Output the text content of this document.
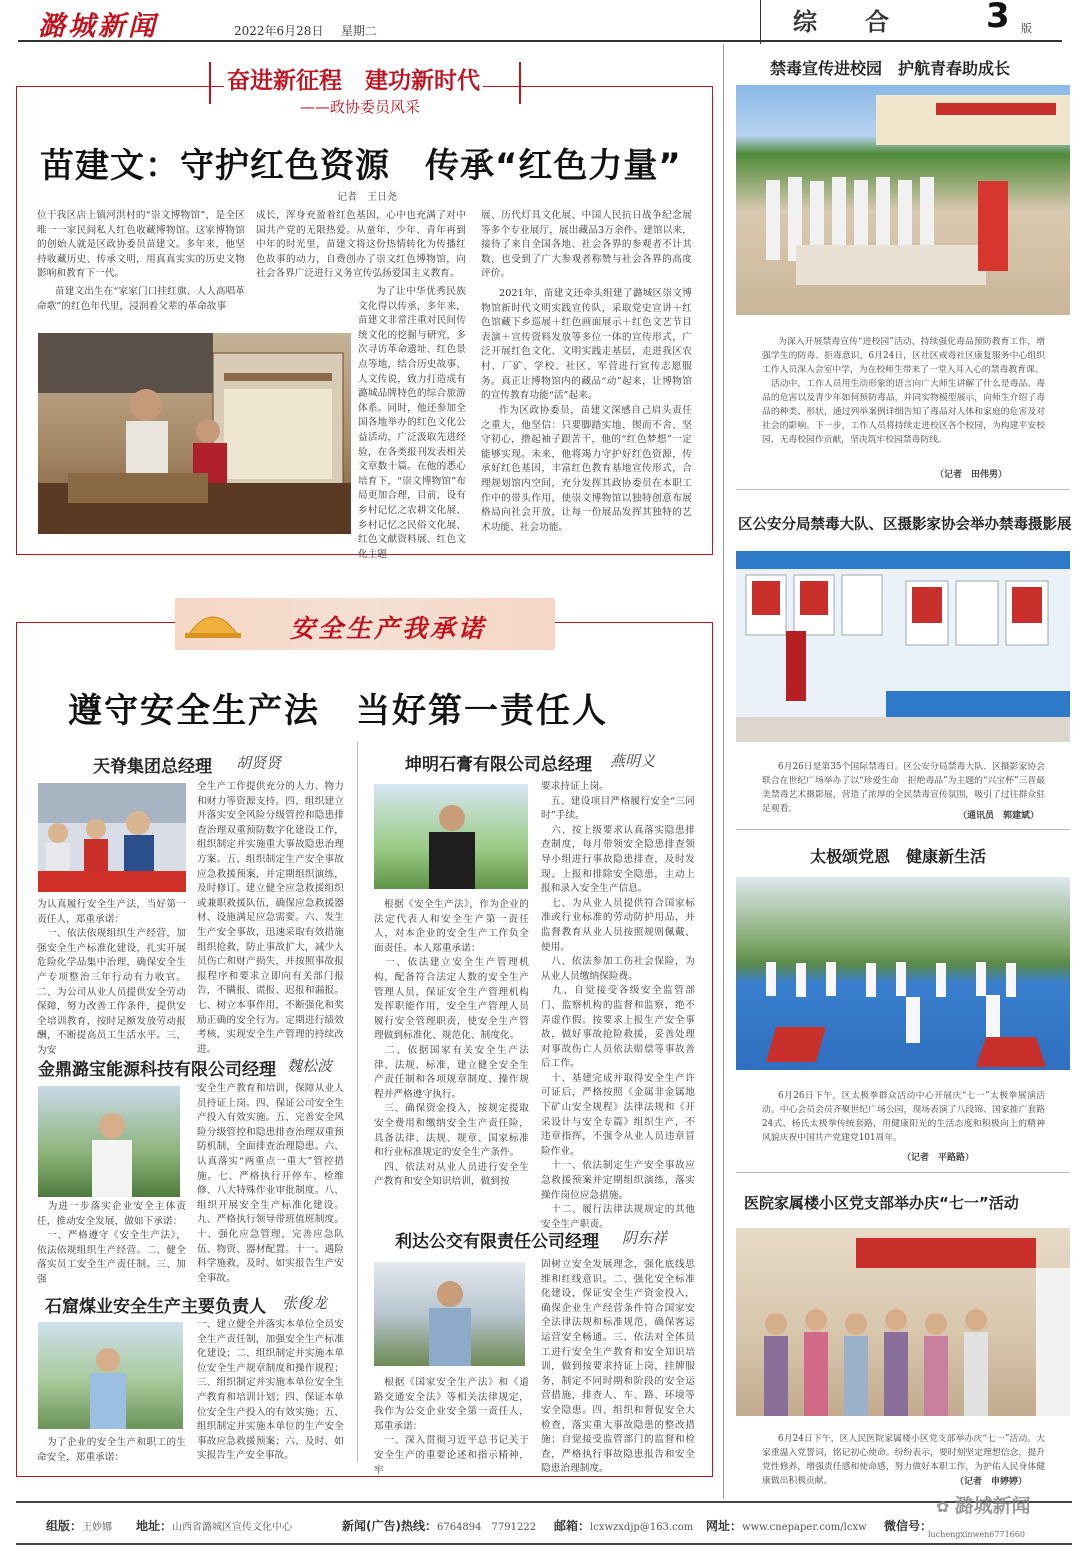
潞城新闻	2022年6月28日 星期二	综　　合	3 版
奋进新征程　建功新时代
——政协委员风采
苗建文：守护红色资源　传承“红色力量”
记者　王日尧
位于我区店上镇河洪村的“崇文博物馆”，是全区唯一一家民间私人红色收藏博物馆。这家博物馆的创始人就是区政协委员苗建文。多年来，他坚持收藏历史、传承文明，用真真实实的历史文物影响和教育下一代。
苗建文出生在“家家门口挂红旗、人人高唱革命歌”的红色年代里，浸润着父辈的革命故事
成长，浑身充盈着红色基因，心中也充满了对中国共产党的无限热爱。从童年、少年、青年再到中年的时光里，苗建文将这份热情转化为传播红色故事的动力，自费创办了崇文红色博物馆，向社会各界广泛进行义务宣传弘扬爱国主义教育。
为了让中华优秀民族文化得以传承，多年来，苗建文非常注重对民间传统文化的挖掘与研究，多次寻访革命遗址、红色景点等地，结合历史故事、人文传说，致力打造成有潞城品牌特色的综合旅游体系。同时，他还参加全国各地举办的红色文化公益活动，广泛汲取先进经验，在各类报刊发表相关文章数十篇。在他的悉心培育下，“崇文博物馆”布局更加合理，目前，设有乡村记忆之农耕文化展、乡村记忆之民俗文化展、红色文献资料展、红色文化主题
展、历代灯具文化展、中国人民抗日战争纪念展等多个专业展厅，展出藏品3万余件。建馆以来，接待了来自全国各地、社会各界的参观者不计其数，也受到了广大参观者称赞与社会各界的高度评价。
2021年，苗建文还牵头组建了潞城区崇文博物馆新时代文明实践宣传队，采取党史宣讲＋红色馆藏下乡巡展＋红色画面展示＋红色文艺节目表演＋宣传资料发放等多位一体的宣传形式，广泛开展红色文化、文明实践走基层，走进我区农村、厂矿、学校、社区、军营进行宣传志愿服务。真正让博物馆内的藏品“动”起来，让博物馆的宣传教育功能“活”起来。
作为区政协委员，苗建文深感自己肩头责任之重大，他坚信：只要脚踏实地、锲而不舍、坚守初心，撸起袖子跟苦干，他的“红色梦想”一定能够实现。未来，他将竭力守护好红色资源，传承好红色基因，丰富红色教育基地宣传形式，合理规划馆内空间，充分发挥其政协委员在本职工作中的带头作用，使崇文博物馆以独特创意布展格局向社会开放，让每一份展品发挥其独特的艺术功能、社会功能。
安全生产我承诺
遵守安全生产法　当好第一责任人
天脊集团总经理 胡贤贤
为认真履行安全生产法，当好第一责任人，郑重承诺：
　一、依法依规组织生产经营，加强安全生产标准化建设，扎实开展危险化学品集中治理，确保安全生产专项整治三年行动有力收官。二、为公司从业人员提供安全劳动保障，努力改善工作条件，提供安全培训教育，按时足额发放劳动报酬，不断提高员工生活水平。三、为安
全生产工作提供充分的人力、物力和财力等资源支持。四、组织建立并落实安全风险分级管控和隐患排查治理双重预防数字化建设工作，组织制定并实施重大事故隐患治理方案。五、组织制定生产安全事故应急救援预案，并定期组织演练，及时修订。建立健全应急救援组织或兼职救援队伍，确保应急救援器材、设施满足应急需要。六、发生生产安全事故，迅速采取有效措施组织抢救，防止事故扩大，减少人员伤亡和财产损失，并按照事故报报程序和要求立即向有关部门报告，不瞒报、谎报、迟报和漏报。七、树立本事作用，不断强化和奖励正确的安全行为。定期进行绩效考核，实现安全生产管理的持续改进。
金鼎潞宝能源科技有限公司经理 魏松波
　为进一步落实企业安全主体责任，推动安全发展，做如下承诺：
　一、严格遵守《安全生产法》，依法依规组织生产经营。二、健全落实员工安全生产责任制。三、加强
安全生产教育和培训，保障从业人员持证上岗。四、保证公司安全生产投入有效实施。五、完善安全风险分级管控和隐患排查治理双重预防机制，全面排查治理隐患。六、认真落实“两重点一重大”管控措施。七、严格执行开停车、检维修、八大特殊作业审批制度。八、组织开展安全生产标准化建设。九、严格执行领导带班值班制度。十、强化应急管理，完善应急队伍、物资、器材配置。十一、遇险科学施救，及时、如实报告生产安全事故。
石窟煤业安全生产主要负责人 张俊龙
　为了企业的安全生产和职工的生命安全，郑重承诺：
一、建立健全并落实本单位全员安全生产责任制，加强安全生产标准化建设；二、组织制定并实施本单位安全生产规章制度和操作规程；三、组织制定并实施本单位安全生产教育和培训计划；四、保证本单位安全生产投入的有效实施；五、组织制定并实施本单位的生产安全事故应急救援预案；六、及时、如实报告生产安全事故。
坤明石膏有限公司总经理 燕明义
　根据《安全生产法》，作为企业的法定代表人和安全生产第一责任人，对本企业的安全生产工作负全面责任。本人郑重承诺：
　一、依法建立安全生产管理机构，配备符合法定人数的安全生产管理人员，保证安全生产管理机构发挥职能作用，安全生产管理人员履行安全管理职责，使安全生产管理做到标准化、规范化、制度化。
　二、依据国家有关安全生产法律、法规、标准，建立健全安全生产责任制和各项规章制度、操作规程并严格遵守执行。
　三、确保资金投入，按规定提取安全费用和缴纳安全生产责任险，具备法律、法规、规章、国家标准和行业标准规定的安全生产条件。
　四、依法对从业人员进行安全生产教育和安全知识培训，做到按
要求持证上岗。
　五、建设项目严格履行安全“三同时”手续。
　六、按上级要求认真落实隐患排查制度，每月带领安全隐患排查领导小组进行事故隐患排查，及时发现、上报和排除安全隐患，主动上报和录入安全生产信息。
　七、为从业人员提供符合国家标准或行业标准的劳动防护用品，并监督教育从业人员按照规则佩戴、使用。
　八、依法参加工伤社会保险，为从业人员缴纳保险费。
　九、自觉接受各级安全监管部门、监察机构的监督和监察，绝不弄虚作假。按要求上报生产安全事故，做好事故抢险救援，妥善处理对事故伤亡人员依法赔偿等事故善后工作。
　十、基建完成并取得安全生产许可证后，严格按照《金属非金属地下矿山安全规程》法律法规和《开采设计与安全专篇》组织生产，不违章指挥，不强令从业人员违章冒险作业。
　十一、依法制定生产安全事故应急救援预案并定期组织演练，落实操作岗位应急措施。
　十二、履行法律法规规定的其他安全生产职责。
利达公交有限责任公司经理 阴东祥
　根据《国家安全生产法》和《道路交通安全法》等相关法律规定，我作为公交企业安全第一责任人，郑重承诺：
　一、深入贯彻习近平总书记关于安全生产的重要论述和指示精神，牢
固树立安全发展理念，强化底线思维和红线意识。二、强化安全标准化建设，保证安全生产资金投入，确保企业生产经营条件符合国家安全法律法规和标准规范，确保客运运营安全畅通。三、依法对全体员工进行安全生产教育和安全知识培训，做到按要求持证上岗，挂牌服务，制定不同时期和阶段的安全运营措施，排查人、车、路、环境等安全隐患。四、组织和督促安全大检查，落实重大事故隐患的整改措施；自觉接受监管部门的监督和检查，严格执行事故隐患报告和安全隐患治理制度。
禁毒宣传进校园　护航青春助成长
为深入开展禁毒宣传“进校园”活动，持续强化毒品预防教育工作，增强学生的防毒、拒毒意识，6月24日，区社区戒毒社区康复服务中心组织工作人员深入会室中学，为在校师生带来了一堂入耳入心的禁毒教育课。
　活动中，工作人员用生动形象的语言向广大师生讲解了什么是毒品、毒品的危害以及青少年如何预防毒品，并同实物模型展示，向师生介绍了毒品的种类、形状，通过列举案例详细告知了毒品对人体和家庭的危害及对社会的影响。下一步，工作人员将持续走进校区各个校园，为构建平安校园、无毒校园作贡献，坚决筑牢校园禁毒防线。
（记者　田伟男）
区公安分局禁毒大队、区摄影家协会举办禁毒摄影展
6月26日是第35个国际禁毒日。区公安分局禁毒大队、区摄影家协会联合在世纪广场举办了以“珍爱生命　拒绝毒品”为主题的“兴宝杯”三晋最美禁毒艺术摄影展，营造了浓厚的全民禁毒宣传氛围，吸引了过往群众驻足观看。
（通讯员　郭建斌）
太极颂党恩　健康新生活
6月26日下午，区太极拳群众活动中心开展庆“七一”太极拳展演活动。中心会员会员齐聚世纪广场公园，现场表演了八段锦、国家推广套路24式、杨氏太极拳传统套路，用健康阳光的生活态度和积极向上的精神风貌庆祝中国共产党建党101周年。
（记者　平路路）
医院家属楼小区党支部举办庆“七一”活动
6月24日下午，区人民医院家属楼小区党支部举办庆“七一”活动。大家重温入党誓词，铭记初心使命。纷纷表示，要时刻坚定理想信念，提升党性修养，增强责任感和使命感，努力做好本职工作，为护佑人民身体健康做出积极贡献。	（记者　申婷婷）
组版：王妙娜 地址：山西省潞城区宣传文化中心	新闻(广告)热线：6764894　7791222 邮箱：lcxwzxdjp@163.com 网址：www.cnepaper.com/lcxw 微信号：
luchengxinwen6771660
✿ 潞城新闻
